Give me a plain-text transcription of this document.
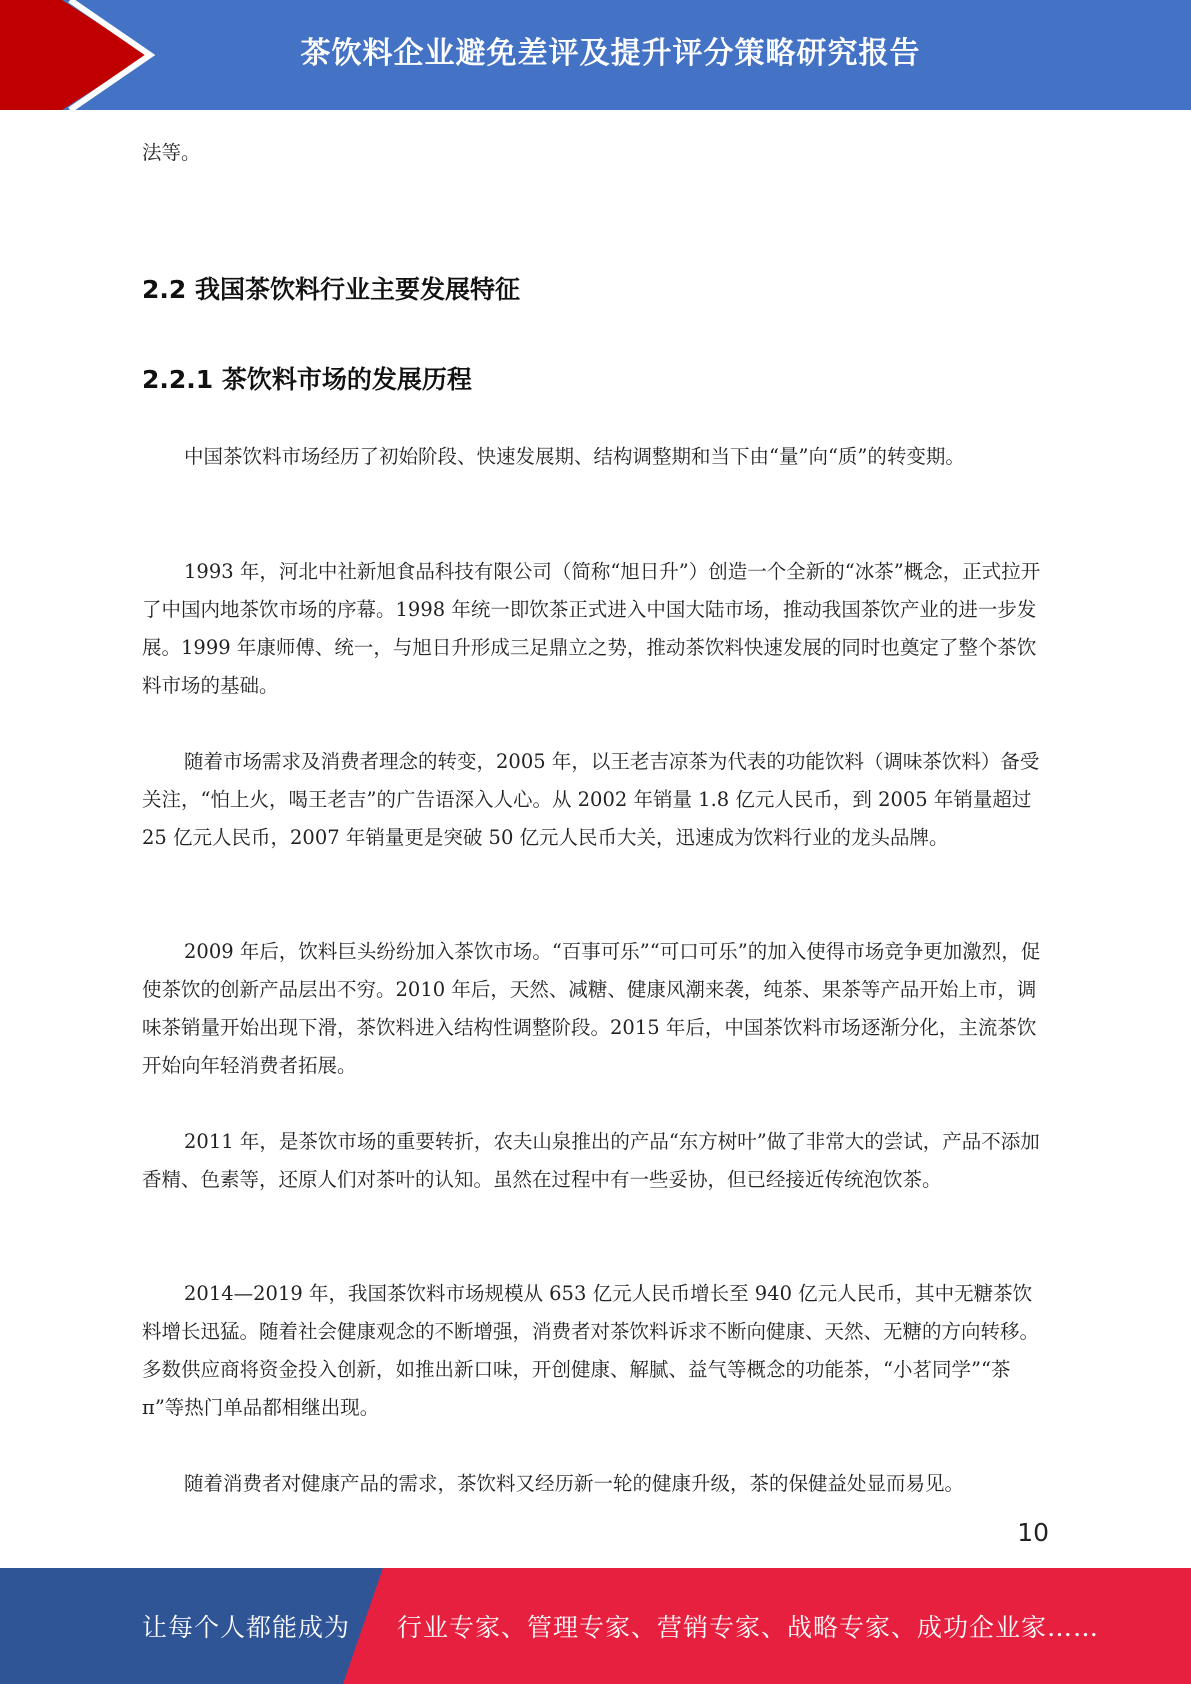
茶饮料企业避免差评及提升评分策略研究报告

法等。

2.2 我国茶饮料行业主要发展特征
2.2.1 茶饮料市场的发展历程

中国茶饮料市场经历了初始阶段、快速发展期、结构调整期和当下由“量”向“质”的转变期。

1993 年，河北中社新旭食品科技有限公司（简称“旭日升”）创造一个全新的“冰茶”概念，正式拉开了中国内地茶饮市场的序幕。1998 年统一即饮茶正式进入中国大陆市场，推动我国茶饮产业的进一步发展。1999 年康师傅、统一，与旭日升形成三足鼎立之势，推动茶饮料快速发展的同时也奠定了整个茶饮料市场的基础。

随着市场需求及消费者理念的转变，2005 年，以王老吉凉茶为代表的功能饮料（调味茶饮料）备受关注，“怕上火，喝王老吉”的广告语深入人心。从 2002 年销量 1.8 亿元人民币，到 2005 年销量超过 25 亿元人民币，2007 年销量更是突破 50 亿元人民币大关，迅速成为饮料行业的龙头品牌。

2009 年后，饮料巨头纷纷加入茶饮市场。“百事可乐”“可口可乐”的加入使得市场竞争更加激烈，促使茶饮的创新产品层出不穷。2010 年后，天然、减糖、健康风潮来袭，纯茶、果茶等产品开始上市，调味茶销量开始出现下滑，茶饮料进入结构性调整阶段。2015 年后，中国茶饮料市场逐渐分化，主流茶饮开始向年轻消费者拓展。

2011 年，是茶饮市场的重要转折，农夫山泉推出的产品“东方树叶”做了非常大的尝试，产品不添加香精、色素等，还原人们对茶叶的认知。虽然在过程中有一些妥协，但已经接近传统泡饮茶。

2014—2019 年，我国茶饮料市场规模从 653 亿元人民币增长至 940 亿元人民币，其中无糖茶饮料增长迅猛。随着社会健康观念的不断增强，消费者对茶饮料诉求不断向健康、天然、无糖的方向转移。多数供应商将资金投入创新，如推出新口味，开创健康、解腻、益气等概念的功能茶，“小茗同学”“茶π”等热门单品都相继出现。

随着消费者对健康产品的需求，茶饮料又经历新一轮的健康升级，茶的保健益处显而易见。

10
让每个人都能成为 行业专家、管理专家、营销专家、战略专家、成功企业家……
